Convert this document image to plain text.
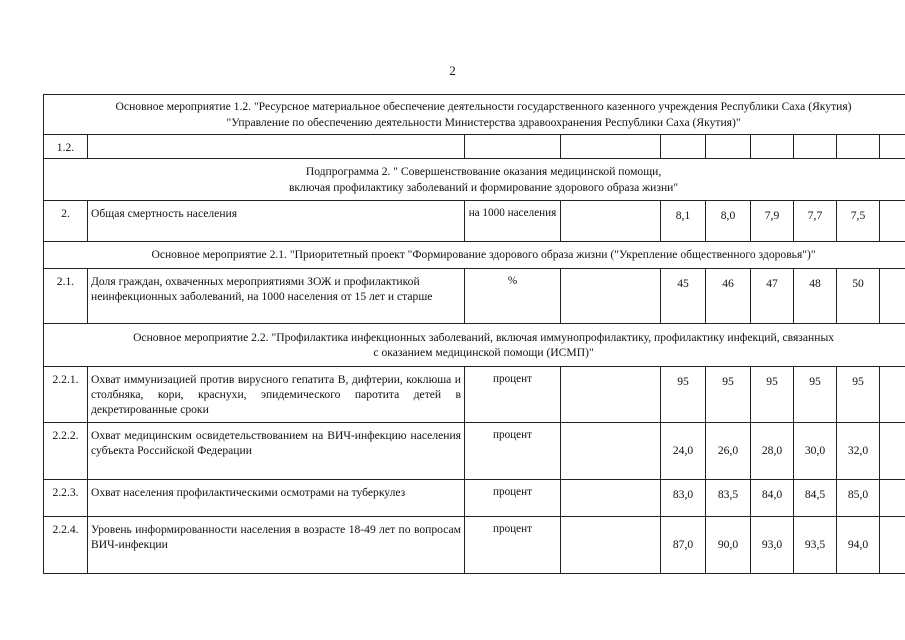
2
Основное мероприятие 1.2. "Ресурсное материальное обеспечение деятельности государственного казенного учреждения Республики Саха (Якутия)
"Управление по обеспечению деятельности Министерства здравоохранения Республики Саха (Якутия)"									

1.2.									

Подпрограмма 2. " Совершенствование оказания медицинской помощи,
включая профилактику заболеваний и формирование здорового образа жизни"									

2.	Общая смертность населения	на 1000 населения		8,1	8,0	7,9	7,7	7,5	
Основное мероприятие 2.1. "Приоритетный проект "Формирование здорового образа жизни ("Укрепление общественного здоровья")"									
2.1.	Доля граждан, охваченных мероприятиями ЗОЖ и профилактикой неинфекционных заболеваний, на 1000 населения от 15 лет и старше	%		45	46	47	48	50	

Основное мероприятие 2.2. "Профилактика инфекционных заболеваний, включая иммунопрофилактику, профилактику инфекций, связанных
с оказанием медицинской помощи (ИСМП)"									

2.2.1.	Охват иммунизацией против вирусного гепатита В, дифтерии, коклюша и столбняка, кори, краснухи, эпидемического паротита детей в декретированные сроки	процент		95	95	95	95	95	
2.2.2.	Охват медицинским освидетельствованием на ВИЧ-инфекцию населения субъекта Российской Федерации	процент		24,0	26,0	28,0	30,0	32,0	
2.2.3.	Охват населения профилактическими осмотрами на туберкулез	процент		83,0	83,5	84,0	84,5	85,0	
2.2.4.	Уровень информированности населения в возрасте 18-49 лет по вопросам ВИЧ-инфекции	процент		87,0	90,0	93,0	93,5	94,0	
